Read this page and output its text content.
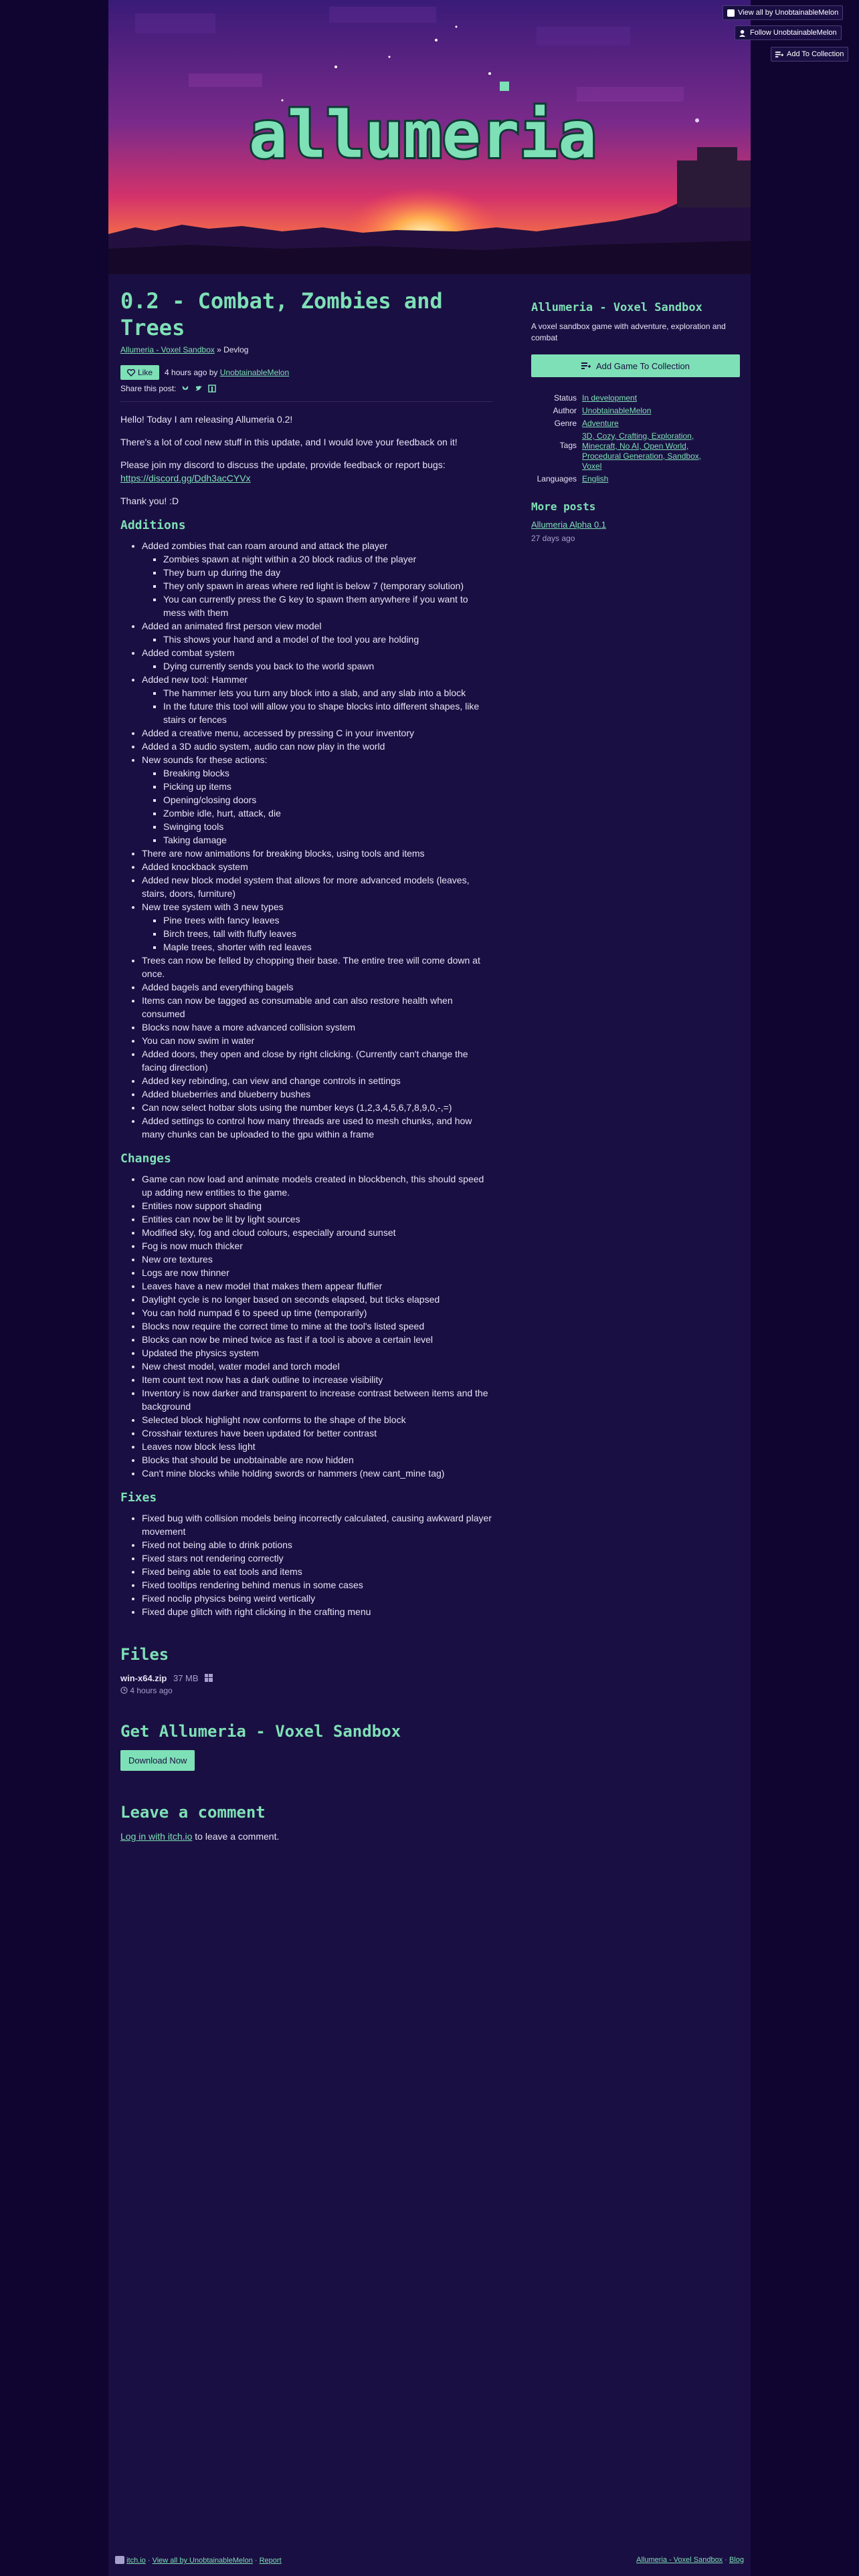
allumeria
0.2 - Combat, Zombies and Trees
Allumeria - Voxel Sandbox » Devlog
Like 4 hours ago by UnobtainableMelon
Share this post:

Hello! Today I am releasing Allumeria 0.2!

There's a lot of cool new stuff in this update, and I would love your feedback on it!

Please join my discord to discuss the update, provide feedback or report bugs:
https://discord.gg/Ddh3acCYVx

Thank you! :D

Additions
• Added zombies that can roam around and attack the player
▪ Zombies spawn at night within a 20 block radius of the player
▪ They burn up during the day
▪ They only spawn in areas where red light is below 7 (temporary solution)
▪ You can currently press the G key to spawn them anywhere if you want to mess with them
• Added an animated first person view model
▪ This shows your hand and a model of the tool you are holding
• Added combat system
▪ Dying currently sends you back to the world spawn
• Added new tool: Hammer
▪ The hammer lets you turn any block into a slab, and any slab into a block
▪ In the future this tool will allow you to shape blocks into different shapes, like stairs or fences
• Added a creative menu, accessed by pressing C in your inventory
• Added a 3D audio system, audio can now play in the world
• New sounds for these actions:
▪ Breaking blocks
▪ Picking up items
▪ Opening/closing doors
▪ Zombie idle, hurt, attack, die
▪ Swinging tools
▪ Taking damage
• There are now animations for breaking blocks, using tools and items
• Added knockback system
• Added new block model system that allows for more advanced models (leaves, stairs, doors, furniture)
• New tree system with 3 new types
▪ Pine trees with fancy leaves
▪ Birch trees, tall with fluffy leaves
▪ Maple trees, shorter with red leaves
• Trees can now be felled by chopping their base. The entire tree will come down at once.
• Added bagels and everything bagels
• Items can now be tagged as consumable and can also restore health when consumed
• Blocks now have a more advanced collision system
• You can now swim in water
• Added doors, they open and close by right clicking. (Currently can't change the facing direction)
• Added key rebinding, can view and change controls in settings
• Added blueberries and blueberry bushes
• Can now select hotbar slots using the number keys (1,2,3,4,5,6,7,8,9,0,-,=)
• Added settings to control how many threads are used to mesh chunks, and how many chunks can be uploaded to the gpu within a frame
Changes
• Game can now load and animate models created in blockbench, this should speed up adding new entities to the game.
• Entities now support shading
• Entities can now be lit by light sources
• Modified sky, fog and cloud colours, especially around sunset
• Fog is now much thicker
• New ore textures
• Logs are now thinner
• Leaves have a new model that makes them appear fluffier
• Daylight cycle is no longer based on seconds elapsed, but ticks elapsed
• You can hold numpad 6 to speed up time (temporarily)
• Blocks now require the correct time to mine at the tool's listed speed
• Blocks can now be mined twice as fast if a tool is above a certain level
• Updated the physics system
• New chest model, water model and torch model
• Item count text now has a dark outline to increase visibility
• Inventory is now darker and transparent to increase contrast between items and the background
• Selected block highlight now conforms to the shape of the block
• Crosshair textures have been updated for better contrast
• Leaves now block less light
• Blocks that should be unobtainable are now hidden
• Can't mine blocks while holding swords or hammers (new cant_mine tag)
Fixes
• Fixed bug with collision models being incorrectly calculated, causing awkward player movement
• Fixed not being able to drink potions
• Fixed stars not rendering correctly
• Fixed being able to eat tools and items
• Fixed tooltips rendering behind menus in some cases
• Fixed noclip physics being weird vertically
• Fixed dupe glitch with right clicking in the crafting menu
Files
win-x64.zip 37 MB
4 hours ago
Get Allumeria - Voxel Sandbox
Download Now
Leave a comment
Log in with itch.io to leave a comment.
Allumeria - Voxel Sandbox
A voxel sandbox game with adventure, exploration and combat
Add Game To Collection
Status	In development
Author	UnobtainableMelon
Genre	Adventure
Tags	3D, Cozy, Crafting, Exploration, Minecraft, No AI, Open World, Procedural Generation, Sandbox, Voxel

Languages	English
More posts
Allumeria Alpha 0.1
27 days ago
itch.io · View all by UnobtainableMelon · Report	Allumeria - Voxel Sandbox · Blog
View all by UnobtainableMelon
Follow UnobtainableMelon
Add To Collection
